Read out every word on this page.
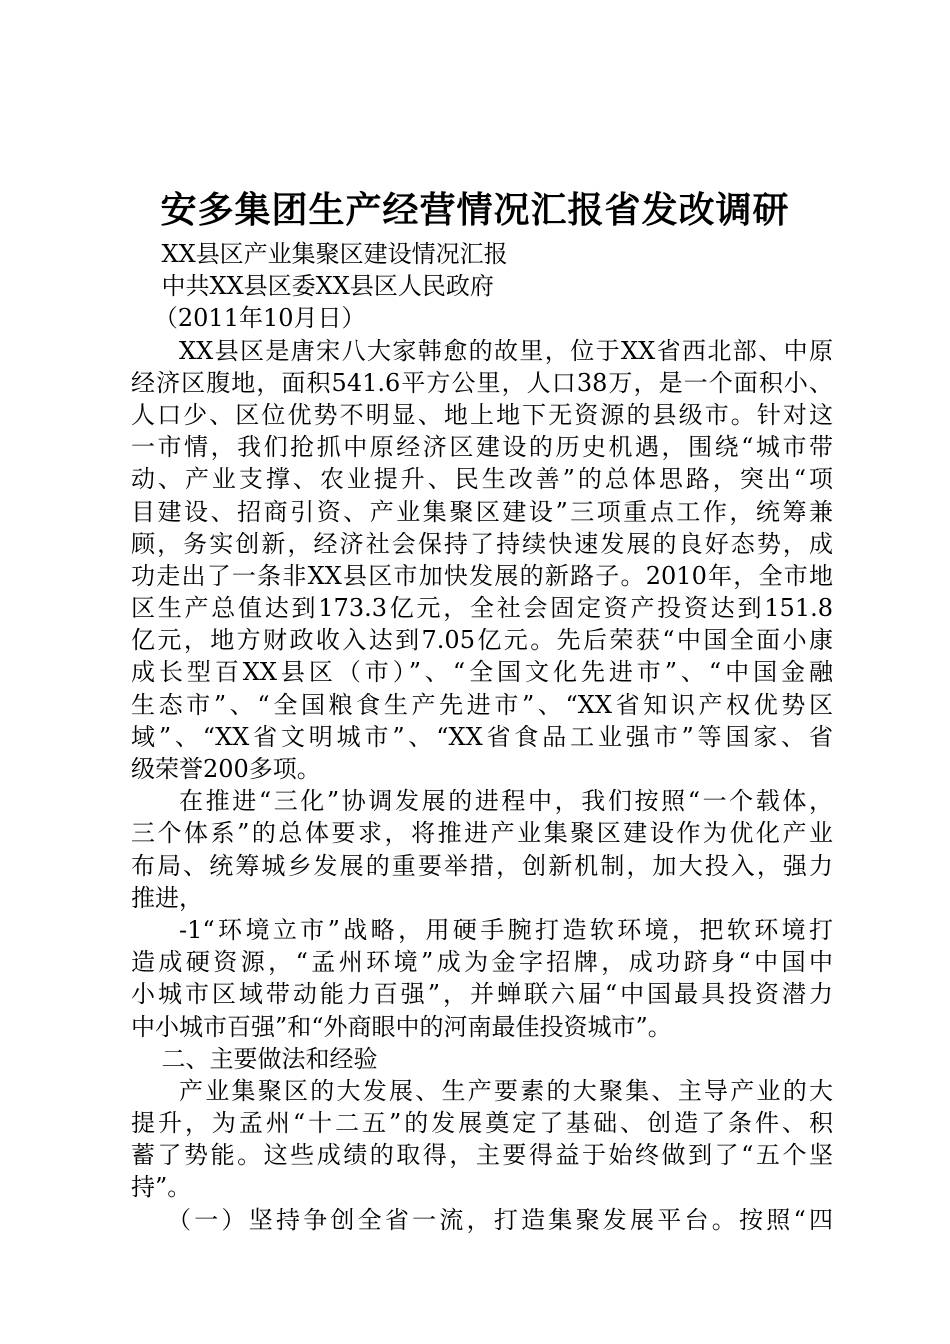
安多集团生产经营情况汇报省发改调研
XX县区产业集聚区建设情况汇报
中共XX县区委XX县区人民政府
（2011年10月日）
XX县区是唐宋八大家韩愈的故里，位于XX省西北部、中原
经济区腹地，面积541.6平方公里，人口38万，是一个面积小、
人口少、区位优势不明显、地上地下无资源的县级市。针对这
一市情，我们抢抓中原经济区建设的历史机遇，围绕“城市带
动、产业支撑、农业提升、民生改善”的总体思路，突出“项
目建设、招商引资、产业集聚区建设”三项重点工作，统筹兼
顾，务实创新，经济社会保持了持续快速发展的良好态势，成
功走出了一条非XX县区市加快发展的新路子。2010年，全市地
区生产总值达到173.3亿元，全社会固定资产投资达到151.8
亿元，地方财政收入达到7.05亿元。先后荣获“中国全面小康
成长型百XX县区（市）”、“全国文化先进市”、“中国金融
生态市”、“全国粮食生产先进市”、“XX省知识产权优势区
域”、“XX省文明城市”、“XX省食品工业强市”等国家、省
级荣誉200多项。
在推进“三化”协调发展的进程中，我们按照“一个载体，
三个体系”的总体要求，将推进产业集聚区建设作为优化产业
布局、统筹城乡发展的重要举措，创新机制，加大投入，强力
推进，
-1“环境立市”战略，用硬手腕打造软环境，把软环境打
造成硬资源，“孟州环境”成为金字招牌，成功跻身“中国中
小城市区域带动能力百强”，并蝉联六届“中国最具投资潜力
中小城市百强”和“外商眼中的河南最佳投资城市”。
二、主要做法和经验
产业集聚区的大发展、生产要素的大聚集、主导产业的大
提升，为孟州“十二五”的发展奠定了基础、创造了条件、积
蓄了势能。这些成绩的取得，主要得益于始终做到了“五个坚
持”。
（一）坚持争创全省一流，打造集聚发展平台。按照“四
